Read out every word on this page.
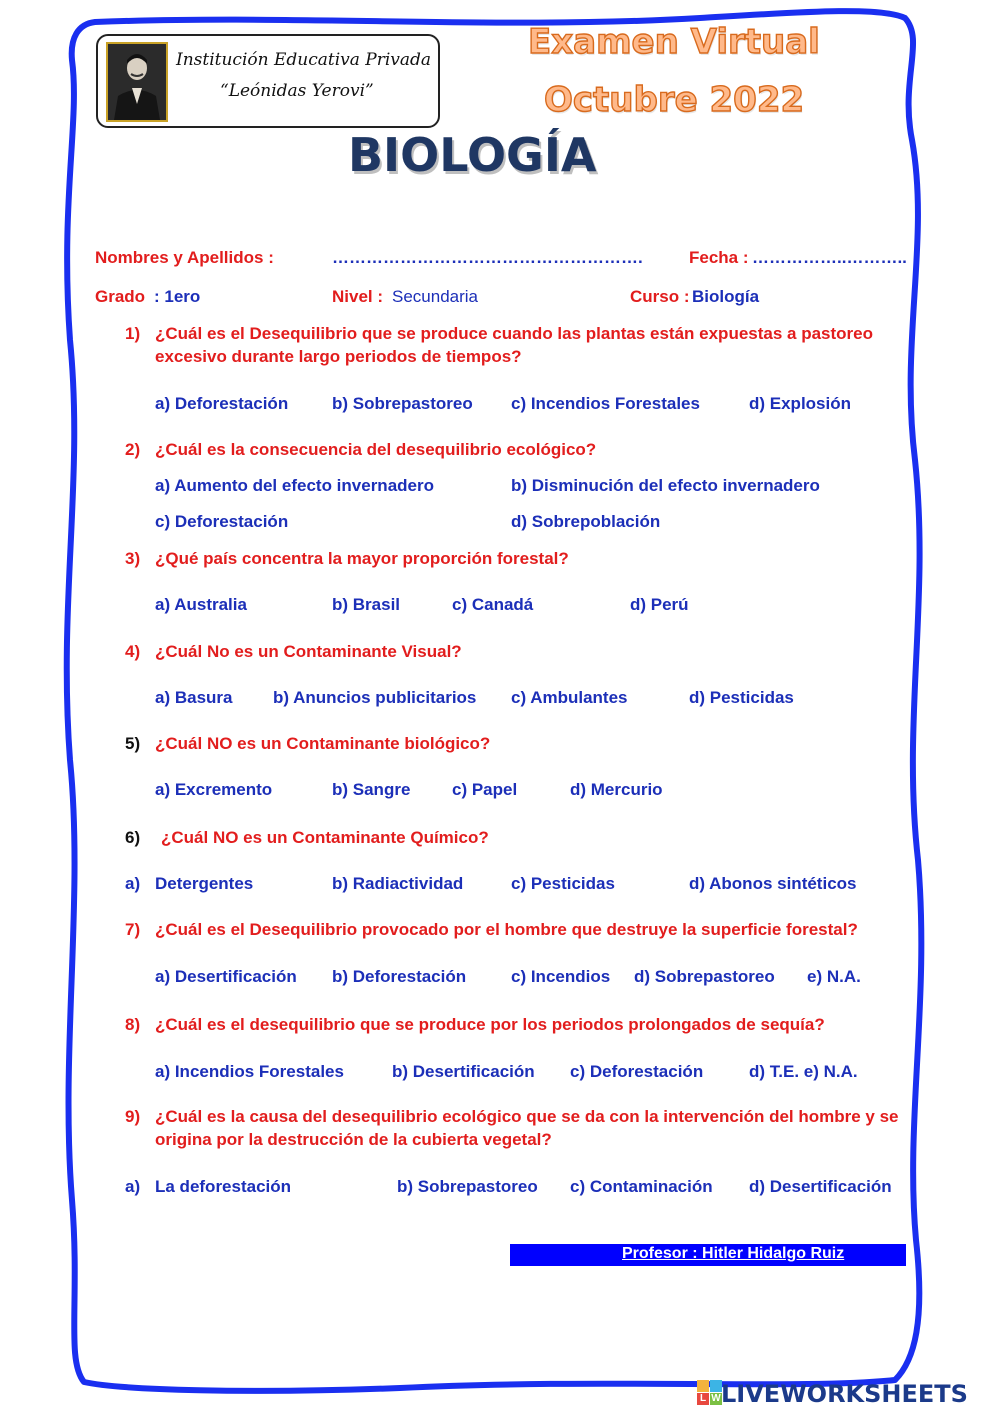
Institución Educativa Privada
“Leónidas Yerovi”
Examen Virtual
Octubre 2022
BIOLOGÍA
Nombres y Apellidos :	……………………………………………….	Fecha : ……………..………..
Grado : 1ero	Nivel : Secundaria	Curso : Biología
1) ¿Cuál es el Desequilibrio que se produce cuando las plantas están expuestas a pastoreo
excesivo durante largo periodos de tiempos?
a) Deforestación	b) Sobrepastoreo c) Incendios Forestales	d) Explosión
2) ¿Cuál es la consecuencia del desequilibrio ecológico?
a) Aumento del efecto invernadero	b) Disminución del efecto invernadero
c) Deforestación	d) Sobrepoblación
3) ¿Qué país concentra la mayor proporción forestal?
a) Australia	b) Brasil	c) Canadá	d) Perú
4) ¿Cuál No es un Contaminante Visual?
a) Basura b) Anuncios publicitarios c) Ambulantes	d) Pesticidas
5) ¿Cuál NO es un Contaminante biológico?
a) Excremento	b) Sangre c) Papel	d) Mercurio
6) ¿Cuál NO es un Contaminante Químico?
a) Detergentes	b) Radiactividad	c) Pesticidas	d) Abonos sintéticos
7) ¿Cuál es el Desequilibrio provocado por el hombre que destruye la superficie forestal?
a) Desertificación b) Deforestación	c) Incendios d) Sobrepastoreo e) N.A.
8) ¿Cuál es el desequilibrio que se produce por los periodos prolongados de sequía?
a) Incendios Forestales	b) Desertificación c) Deforestación	d) T.E. e) N.A.
9) ¿Cuál es la causa del desequilibrio ecológico que se da con la intervención del hombre y se
origina por la destrucción de la cubierta vegetal?
a) La deforestación	b) Sobrepastoreo c) Contaminación d) Desertificación
Profesor : Hitler Hidalgo Ruiz
L W LIVEWORKSHEETS
